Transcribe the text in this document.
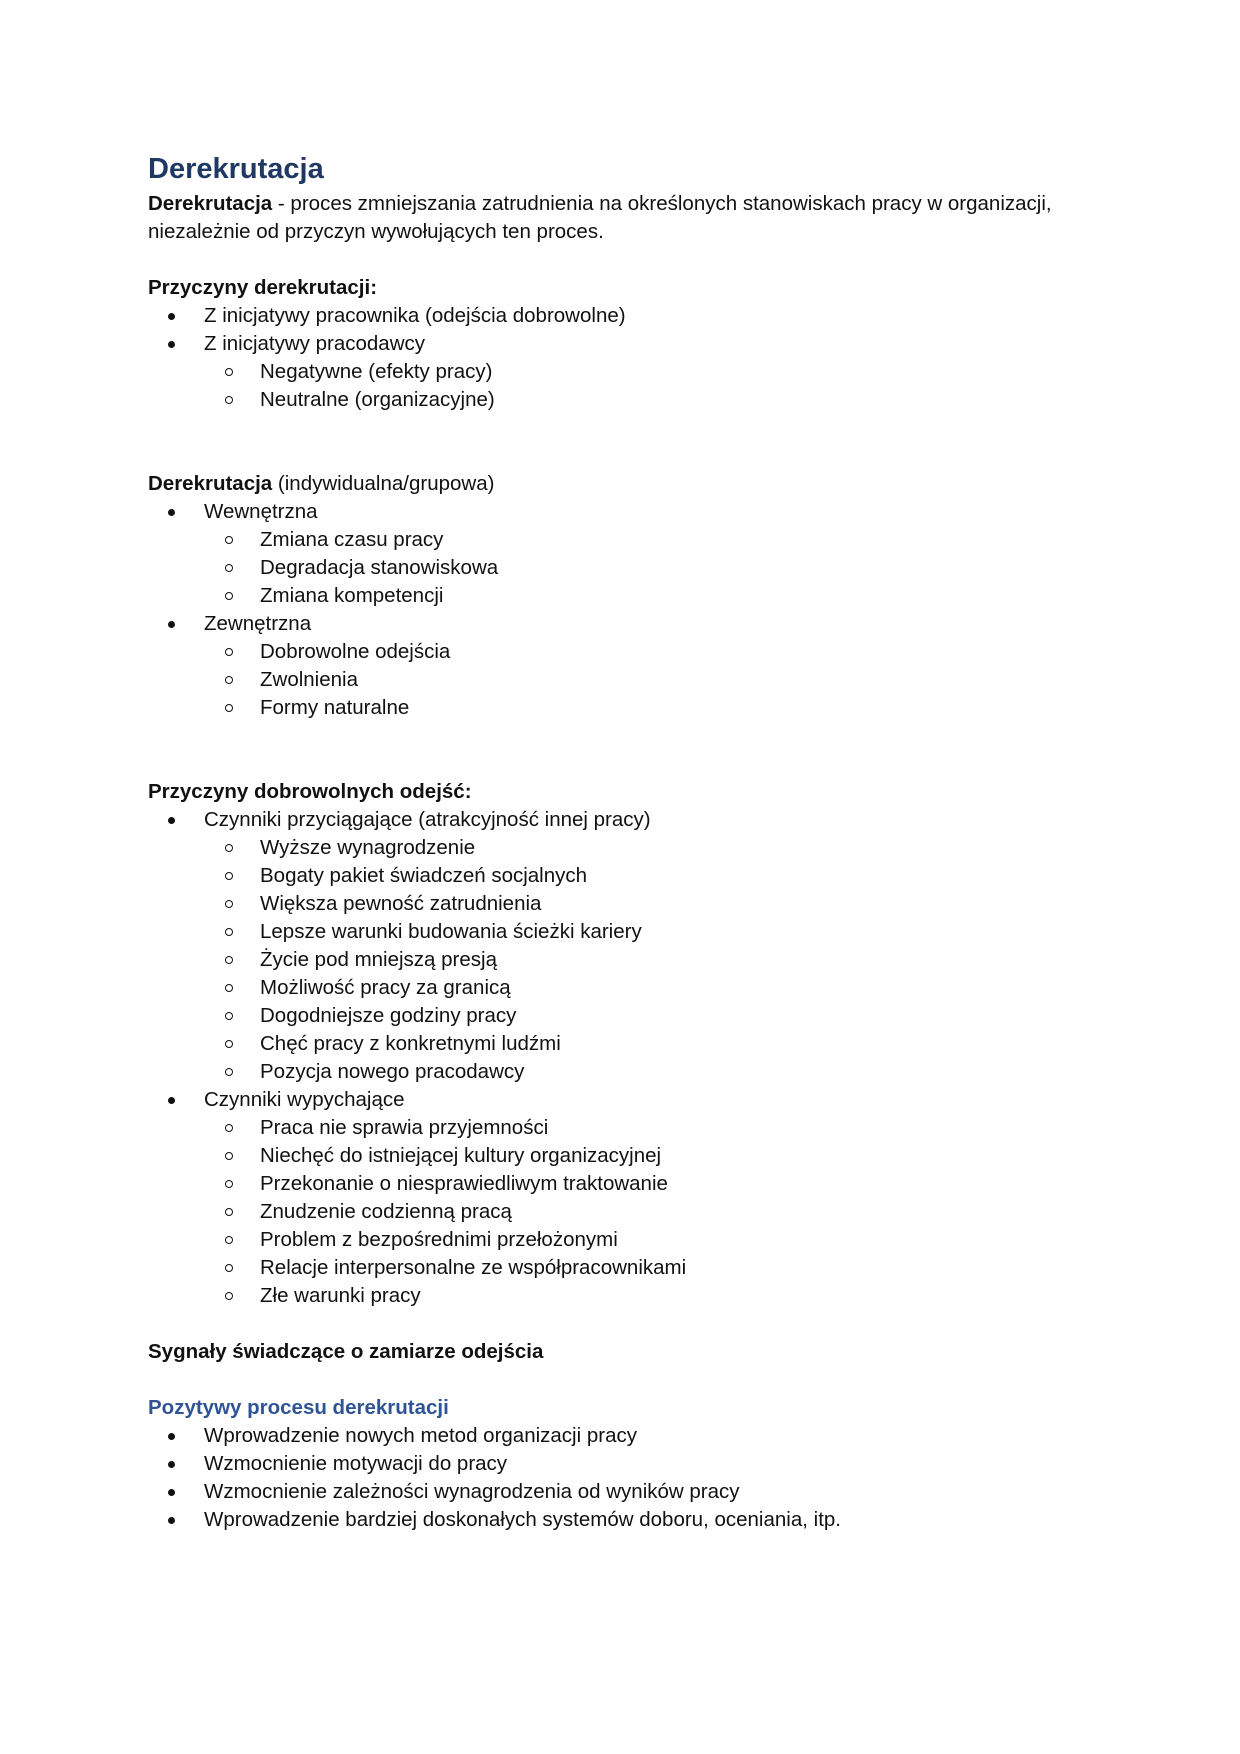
Derekrutacja
Derekrutacja - proces zmniejszania zatrudnienia na określonych stanowiskach pracy w organizacji,
niezależnie od przyczyn wywołujących ten proces.
Przyczyny derekrutacji:
Z inicjatywy pracownika (odejścia dobrowolne)
Z inicjatywy pracodawcy
Negatywne (efekty pracy)
Neutralne (organizacyjne)
Derekrutacja (indywidualna/grupowa)
Wewnętrzna
Zmiana czasu pracy
Degradacja stanowiskowa
Zmiana kompetencji
Zewnętrzna
Dobrowolne odejścia
Zwolnienia
Formy naturalne
Przyczyny dobrowolnych odejść:
Czynniki przyciągające (atrakcyjność innej pracy)
Wyższe wynagrodzenie
Bogaty pakiet świadczeń socjalnych
Większa pewność zatrudnienia
Lepsze warunki budowania ścieżki kariery
Życie pod mniejszą presją
Możliwość pracy za granicą
Dogodniejsze godziny pracy
Chęć pracy z konkretnymi ludźmi
Pozycja nowego pracodawcy
Czynniki wypychające
Praca nie sprawia przyjemności
Niechęć do istniejącej kultury organizacyjnej
Przekonanie o niesprawiedliwym traktowanie
Znudzenie codzienną pracą
Problem z bezpośrednimi przełożonymi
Relacje interpersonalne ze współpracownikami
Złe warunki pracy
Sygnały świadczące o zamiarze odejścia
Pozytywy procesu derekrutacji
Wprowadzenie nowych metod organizacji pracy
Wzmocnienie motywacji do pracy
Wzmocnienie zależności wynagrodzenia od wyników pracy
Wprowadzenie bardziej doskonałych systemów doboru, oceniania, itp.
